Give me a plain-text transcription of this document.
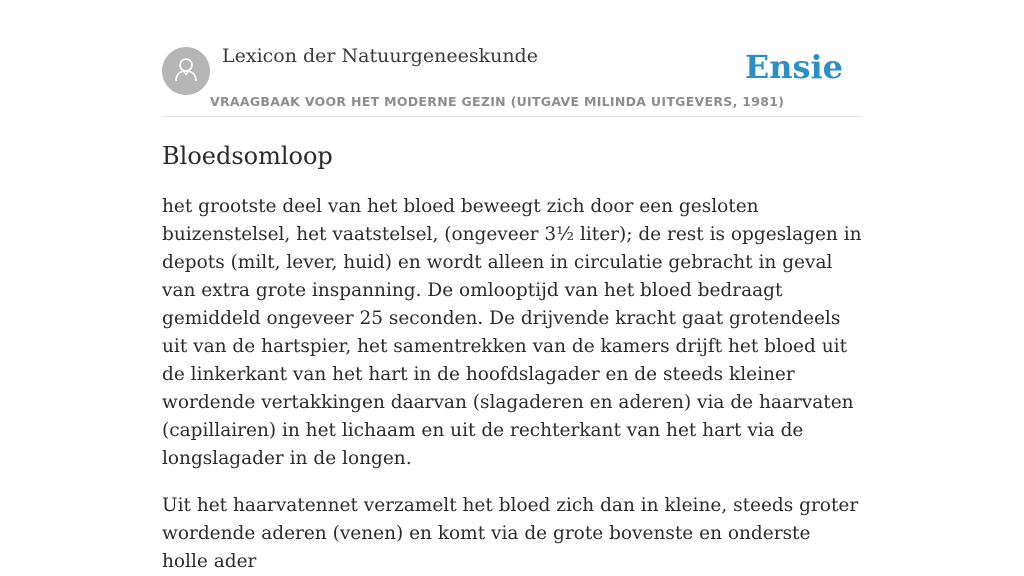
Lexicon der Natuurgeneeskunde
VRAAGBAAK VOOR HET MODERNE GEZIN (UITGAVE MILINDA UITGEVERS, 1981)
Ensie
Bloedsomloop

het grootste deel van het bloed beweegt zich door een gesloten buizenstelsel, het vaatstelsel, (ongeveer 3½ liter); de rest is opgeslagen in depots (milt, lever, huid) en wordt alleen in circulatie gebracht in geval van extra grote inspanning. De omlooptijd van het bloed bedraagt gemiddeld ongeveer 25 seconden. De drijvende kracht gaat grotendeels uit van de hartspier, het samentrekken van de kamers drijft het bloed uit de linkerkant van het hart in de hoofdslagader en de steeds kleiner wordende vertakkingen daarvan (slagaderen en aderen) via de haarvaten (capillairen) in het lichaam en uit de rechterkant van het hart via de longslagader in de longen.

Uit het haarvatennet verzamelt het bloed zich dan in kleine, steeds groter wordende aderen (venen) en komt via de grote bovenste en onderste holle ader
